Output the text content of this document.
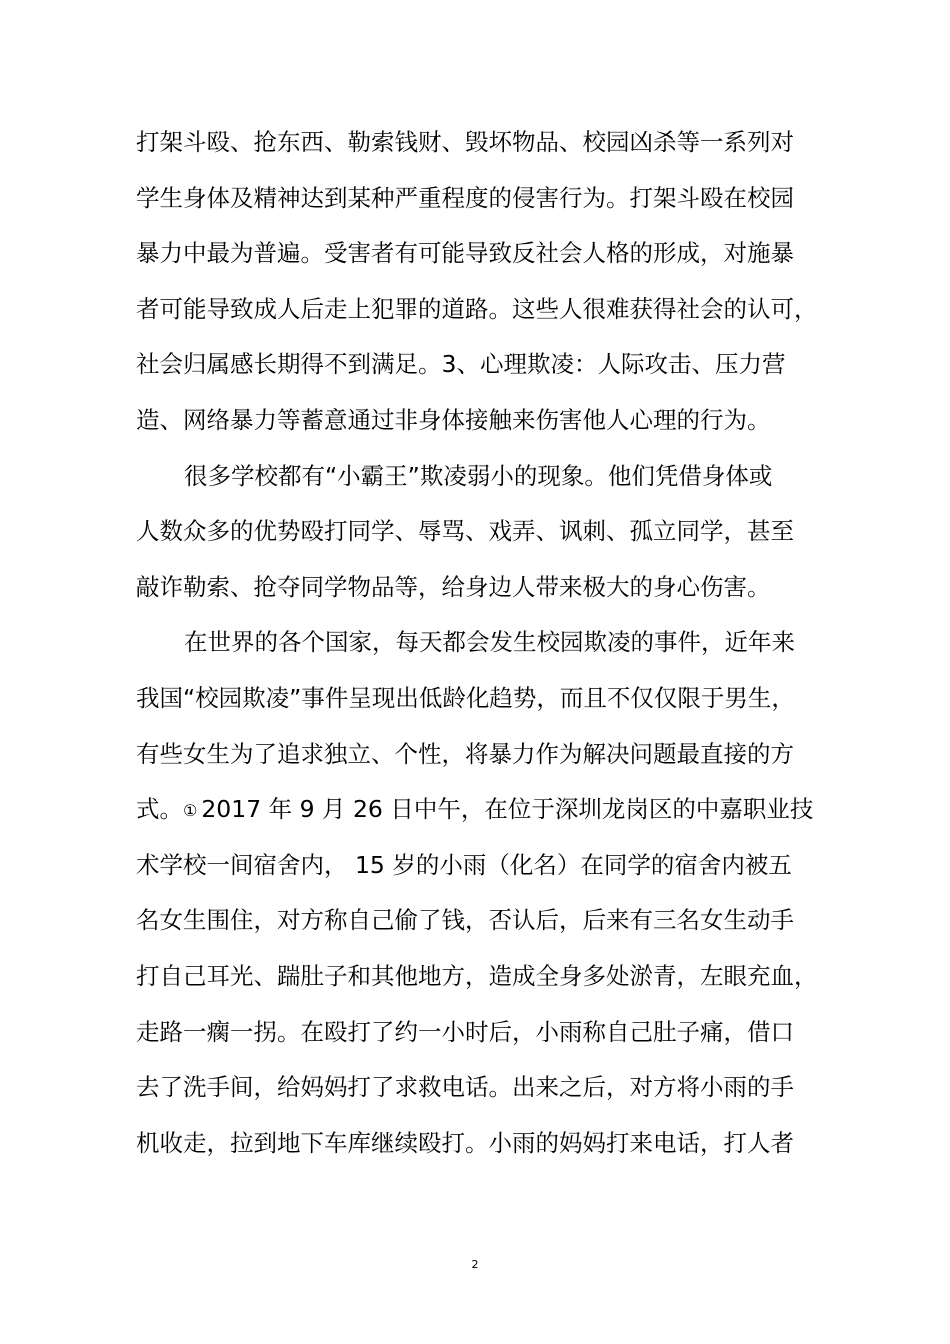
打架斗殴、抢东西、勒索钱财、毁坏物品、校园凶杀等一系列对
学生身体及精神达到某种严重程度的侵害行为。打架斗殴在校园
暴力中最为普遍。受害者有可能导致反社会人格的形成，对施暴
者可能导致成人后走上犯罪的道路。这些人很难获得社会的认可，
社会归属感长期得不到满足。3、心理欺凌：人际攻击、压力营
造、网络暴力等蓄意通过非身体接触来伤害他人心理的行为。
很多学校都有“小霸王”欺凌弱小的现象。他们凭借身体或
人数众多的优势殴打同学、辱骂、戏弄、讽刺、孤立同学，甚至
敲诈勒索、抢夺同学物品等，给身边人带来极大的身心伤害。
在世界的各个国家，每天都会发生校园欺凌的事件，近年来
我国“校园欺凌”事件呈现出低龄化趋势，而且不仅仅限于男生，
有些女生为了追求独立、个性，将暴力作为解决问题最直接的方
式。① 2017 年 9 月 26 日中午，在位于深圳龙岗区的中嘉职业技
术学校一间宿舍内， 15 岁的小雨（化名）在同学的宿舍内被五
名女生围住，对方称自己偷了钱，否认后，后来有三名女生动手
打自己耳光、踹肚子和其他地方，造成全身多处淤青，左眼充血，
走路一瘸一拐。在殴打了约一小时后，小雨称自己肚子痛，借口
去了洗手间，给妈妈打了求救电话。出来之后，对方将小雨的手
机收走，拉到地下车库继续殴打。小雨的妈妈打来电话，打人者
2
